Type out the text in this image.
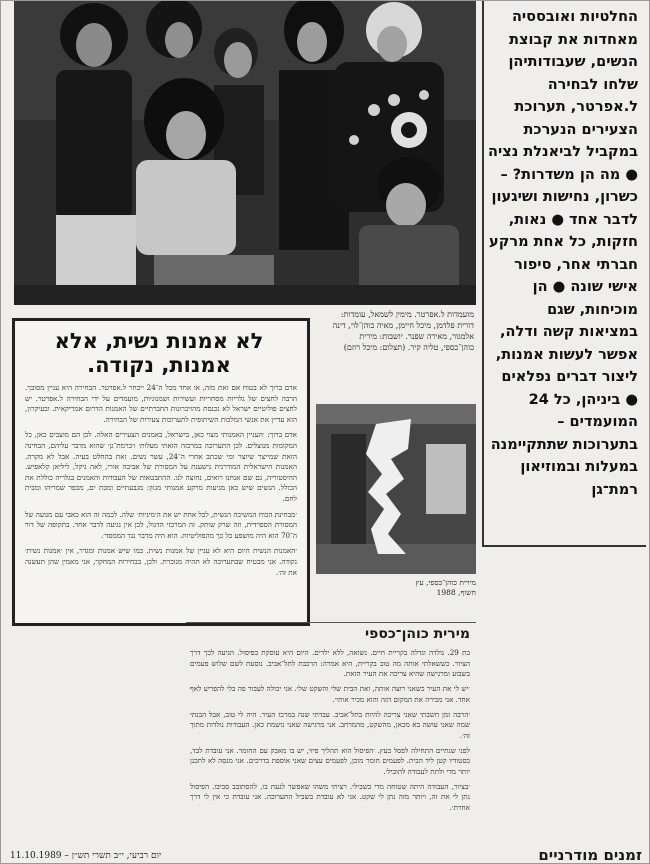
מועמדות ל.אפרטר. מימין לשמאל, עומדות: דורית פלדמן, מיכל חיימן, מאיה כוהן־לוי, דינה אלמגור, מאירה שפנר. יושבות: מירית כוהן־כספי, טליה קיר. (תצלום: מיכל רוזם)
החלטיות ואובססיה מאחדות את קבוצת הנשים, שעבודותיהן שלחו לבחירה ל.אפרטר, תערוכת הצעירים הנערכת במקביל לביאנלת נציה ● מה הן משדרות? – כשרון, נחישות ושיגעון לדבר אחד ● נאות, חזקות, כל אחת מרקע חברתי אחר, סיפור אישי שונה ● הן מוכיחות, שגם במציאות קשה ודלה, אפשר לעשות אמנות, ליצור דברים נפלאים ● ביניהן, כל 24 המועמדים – בתערוכות שתתקיימנה במעלות ובמוזיאון רמת־גן
לא אמנות נשית, אלא אמנות, נקודה.

אדם ברוך לא בטוח אם זאת מזה, או אחד מכל ה־24 ייבחר ל.אפרטר. הבחירה היא עניין מסובך. הרבה לחצים של גלריות מסחריות ועשירות ושמנוניות, מועמדים על ידי הבחירה ל.אפרטר. יש לחצים פוליטיים ישראל לא נכנסת מהזיכרונות החברתיים של האמנות הדרום אמריקאית. ובעיקרון, הוא עדיין את אנשי המלכות השיתופית לתערוכות צעירות של הבחירה.

אדם ברוך: ׳העניין האמנותי מצוי כאן, בישראל, באמנים הצעירים האלה. לכן הם מוצבים כאן, כל המקומות מנוצלים. לכן התערוכה במרכזה הזאתי מעלות׳ ו׳ברמת־גן׳ שהוא מדבר עליהם, הבחינה הזאת שמייצר שיוצר ומי שכתב אחרי ה־24, עשר נשים. זאת בהחלט בעיה. אבל לא מקרה. האמנות הישראלית המודרנית נישענת על המסורת של אביבה אורי, לאה ניקל, ליליאן קלאפיש. ההיסטוריה, גם שם אנחנו רואים, נחוצה לנו. ההתבטאות של העבודות והאמנים בגלריה כוללת את הכולל. הנשים שיש כאן מגיעות מרקע אמנותי מגוון: מגבעתיים ומבת ים, מכפר שמריהו ומבית לחם.

׳מבחינת הכוח המשיכה הנשית, לכל אחת יש את ה׳מיניות׳ שלה. לכמה זה הוא כאבי עם מנועה של המסורת הספרדית, וזה שרק שותק. זה המרכזי הדגול, לכן אין נגיעה לדבר אחד. בתקופה של דור ה־70 הוא היה מושפע כל כך מהפוליטיות. הוא היה מדבר נגד הממסד׳.

׳האמנות הנשית היום היא לא עניין של אמנות נשית. כמו שיש אמנות ומגדר, אין ׳אמנות נשית׳ נקודה. אני מבטיח שבתערוכה לא תהיה מנוכרת. ולכן, בבחירות המחקר, אני מאמין שהן תעשנה את זה׳.

מירית כוהן־כספי, עץ חשוף, 1988
מירית כוהן־כספי

בת 29. נולדה וגדלה בקריית חיים. נשואה, ללא ילדים. היום היא עוסקת בפיסול. הגיעה לכך דרך הציור. כששאלתי אותה מה טוב בקריית, היא אמרה: הרכבת לתל־אביב. נוסעת לשם שלוש פעמים בשבוע ומרגישה שהיא צריכה את העיר הזאת.

׳יש לי את העיר כשאני רוצה אותה, ואת הבית שלי והשקט שלי. אני יכולה לעבור פה בלי להפריע לאף אחד. אני מכירה את המקום הזה והוא מכיר אותי׳.

׳הרבה זמן חשבתי שאני צריכה להיות בתל־אביב. עבדתי שנה במרכז העיר. היה לי טוב, אבל הבנתי שמה שאני עושה בא מכאן, מהשקט, מהמרחב. אני מרגישה שאני נושמת כאן. העבודות נולדות מתוך זה׳.

לפני שנתיים התחילה לפסל בעץ. ׳הפיסול הוא תהליך פיזי, יש בו מאבק עם החומר. אני עובדת לבד, בסטודיו קטן ליד הבית. לפעמים חומר מוכן, לפעמים עצים שאני אוספת בדרכים. אני מנסה לא לתכנן יותר מדי ולתת לעבודה להוביל׳.

׳בציור, העבודה היתה שטוחה מדי בשבילי. רציתי משהו שאפשר לגעת בו, להסתובב סביבו. הפיסול נתן לי את זה, ויותר מזה נתן לי שקט. אני לא עובדת בשביל התערוכה. אני עובדת כי אין לי דרך אחרת׳.

זמנים מודרניים
יום רביעי, י״ב תשרי תש״ן – 11.10.1989
